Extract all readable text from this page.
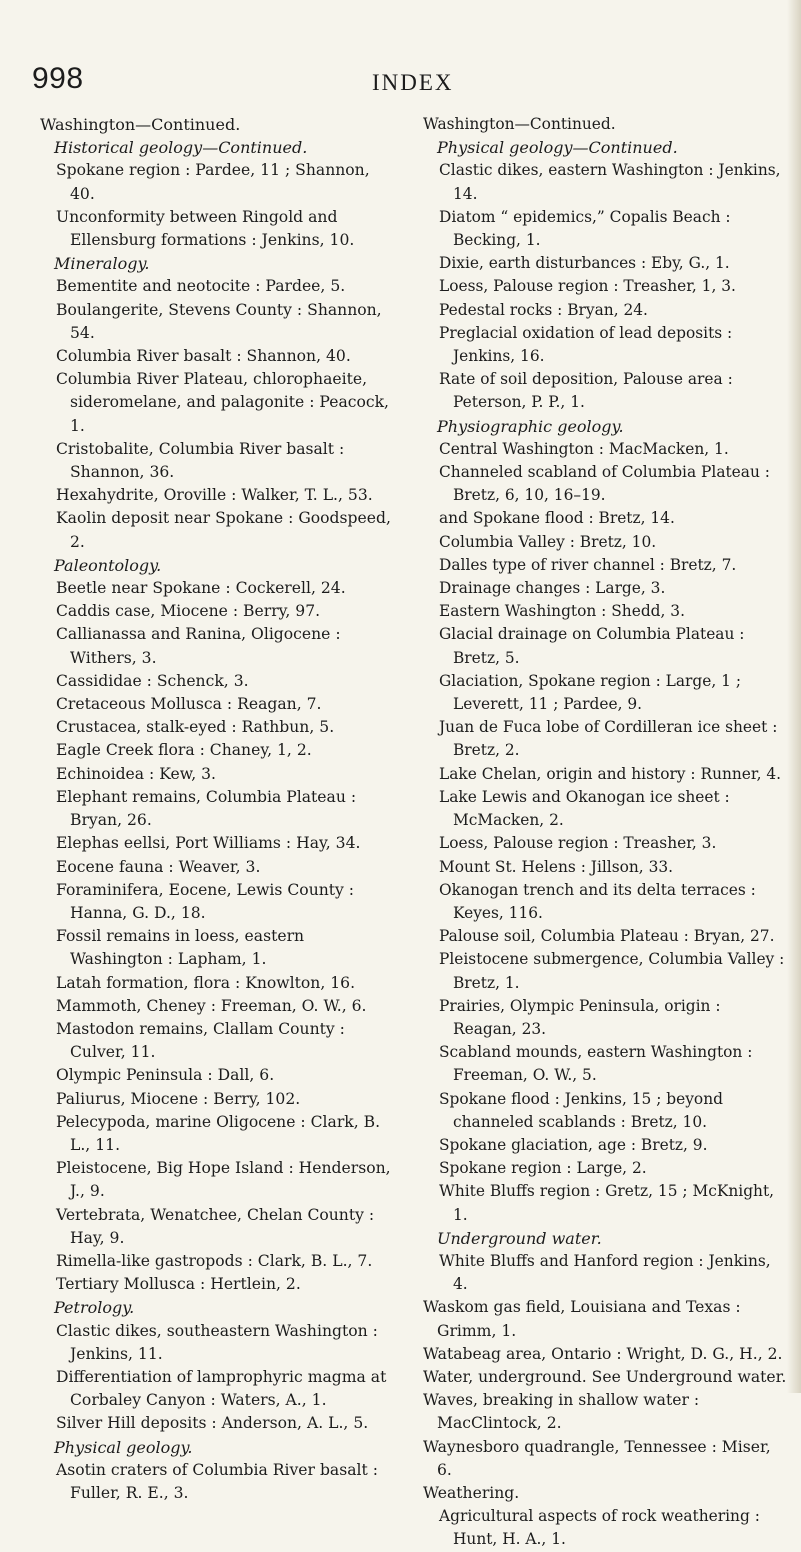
998	INDEX
Washington—Continued.
Historical geology—Continued.
Spokane region : Pardee, 11 ; Shannon, 40.
Unconformity between Ringold and Ellensburg formations : Jenkins, 10.
Mineralogy.
Bementite and neotocite : Pardee, 5.
Boulangerite, Stevens County : Shannon, 54.
Columbia River basalt : Shannon, 40.
Columbia River Plateau, chlorophaeite, sideromelane, and palagonite : Peacock, 1.
Cristobalite, Columbia River basalt : Shannon, 36.
Hexahydrite, Oroville : Walker, T. L., 53.
Kaolin deposit near Spokane : Goodspeed, 2.
Paleontology.
Beetle near Spokane : Cockerell, 24.
Caddis case, Miocene : Berry, 97.
Callianassa and Ranina, Oligocene : Withers, 3.
Cassididae : Schenck, 3.
Cretaceous Mollusca : Reagan, 7.
Crustacea, stalk-eyed : Rathbun, 5.
Eagle Creek flora : Chaney, 1, 2.
Echinoidea : Kew, 3.
Elephant remains, Columbia Plateau : Bryan, 26.
Elephas eellsi, Port Williams : Hay, 34.
Eocene fauna : Weaver, 3.
Foraminifera, Eocene, Lewis County : Hanna, G. D., 18.
Fossil remains in loess, eastern Washington : Lapham, 1.
Latah formation, flora : Knowlton, 16.
Mammoth, Cheney : Freeman, O. W., 6.
Mastodon remains, Clallam County : Culver, 11.
Olympic Peninsula : Dall, 6.
Paliurus, Miocene : Berry, 102.
Pelecypoda, marine Oligocene : Clark, B. L., 11.
Pleistocene, Big Hope Island : Henderson, J., 9.
Vertebrata, Wenatchee, Chelan County : Hay, 9.
Rimella-like gastropods : Clark, B. L., 7.
Tertiary Mollusca : Hertlein, 2.
Petrology.
Clastic dikes, southeastern Washington : Jenkins, 11.
Differentiation of lamprophyric magma at Corbaley Canyon : Waters, A., 1.
Silver Hill deposits : Anderson, A. L., 5.
Physical geology.
Asotin craters of Columbia River basalt : Fuller, R. E., 3.
Washington—Continued.
Physical geology—Continued.
Clastic dikes, eastern Washington : Jenkins, 14.
Diatom “ epidemics,” Copalis Beach : Becking, 1.
Dixie, earth disturbances : Eby, G., 1.
Loess, Palouse region : Treasher, 1, 3.
Pedestal rocks : Bryan, 24.
Preglacial oxidation of lead deposits : Jenkins, 16.
Rate of soil deposition, Palouse area : Peterson, P. P., 1.
Physiographic geology.
Central Washington : MacMacken, 1.
Channeled scabland of Columbia Plateau : Bretz, 6, 10, 16–19.
and Spokane flood : Bretz, 14.
Columbia Valley : Bretz, 10.
Dalles type of river channel : Bretz, 7.
Drainage changes : Large, 3.
Eastern Washington : Shedd, 3.
Glacial drainage on Columbia Plateau : Bretz, 5.
Glaciation, Spokane region : Large, 1 ; Leverett, 11 ; Pardee, 9.
Juan de Fuca lobe of Cordilleran ice sheet : Bretz, 2.
Lake Chelan, origin and history : Runner, 4.
Lake Lewis and Okanogan ice sheet : McMacken, 2.
Loess, Palouse region : Treasher, 3.
Mount St. Helens : Jillson, 33.
Okanogan trench and its delta terraces : Keyes, 116.
Palouse soil, Columbia Plateau : Bryan, 27.
Pleistocene submergence, Columbia Valley : Bretz, 1.
Prairies, Olympic Peninsula, origin : Reagan, 23.
Scabland mounds, eastern Washington : Freeman, O. W., 5.
Spokane flood : Jenkins, 15 ; beyond channeled scablands : Bretz, 10.
Spokane glaciation, age : Bretz, 9.
Spokane region : Large, 2.
White Bluffs region : Gretz, 15 ; McKnight, 1.
Underground water.
White Bluffs and Hanford region : Jenkins, 4.
Waskom gas field, Louisiana and Texas : Grimm, 1.
Watabeag area, Ontario : Wright, D. G., H., 2.
Water, underground. See Underground water.
Waves, breaking in shallow water : MacClintock, 2.
Waynesboro quadrangle, Tennessee : Miser, 6.
Weathering.
Agricultural aspects of rock weathering : Hunt, H. A., 1.
